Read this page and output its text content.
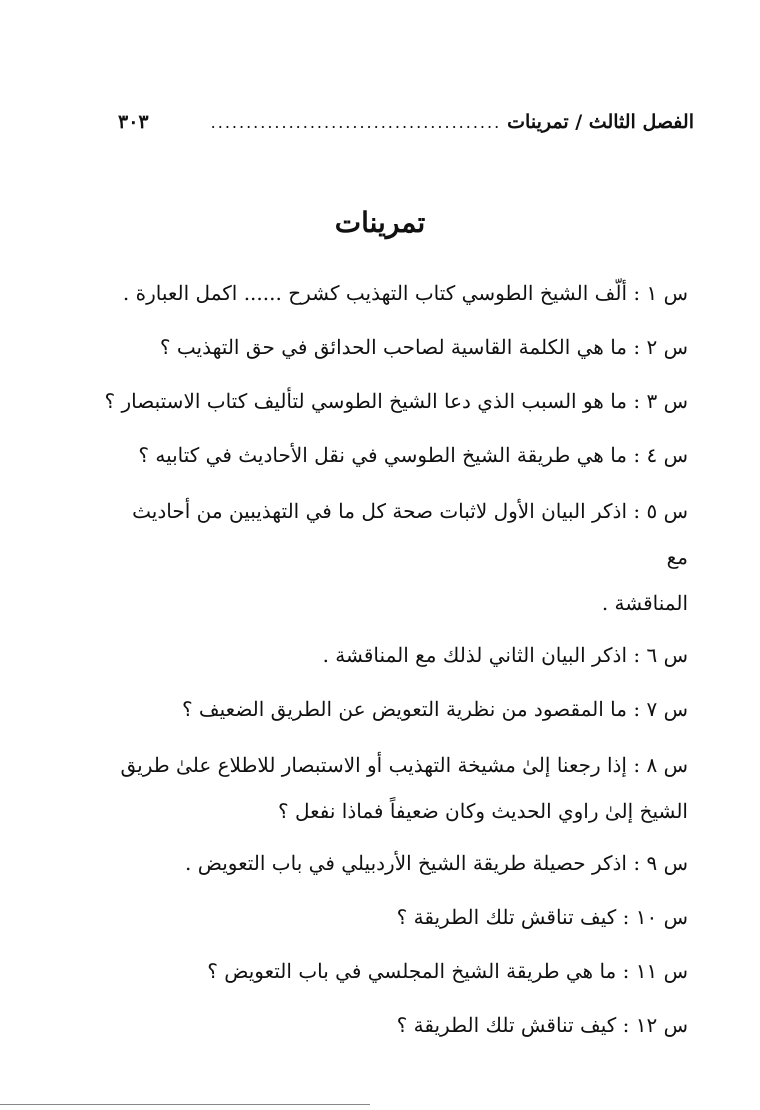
الفصل الثالث / تمرينات
.........................................
٣٠٣
تمرينات
س ١ : ألّف الشيخ الطوسي كتاب التهذيب كشرح ...... اكمل العبارة .
س ٢ : ما هي الكلمة القاسية لصاحب الحدائق في حق التهذيب ؟
س ٣ : ما هو السبب الذي دعا الشيخ الطوسي لتأليف كتاب الاستبصار ؟
س ٤ : ما هي طريقة الشيخ الطوسي في نقل الأحاديث في كتابيه ؟
س ٥ : اذكر البيان الأول لاثبات صحة كل ما في التهذيبين من أحاديث مع
المناقشة .
س ٦ : اذكر البيان الثاني لذلك مع المناقشة .
س ٧ : ما المقصود من نظرية التعويض عن الطريق الضعيف ؟
س ٨ : إذا رجعنا إلىٰ مشيخة التهذيب أو الاستبصار للاطلاع علىٰ طريق
الشيخ إلىٰ راوي الحديث وكان ضعيفاً فماذا نفعل ؟
س ٩ : اذكر حصيلة طريقة الشيخ الأردبيلي في باب التعويض .
س ١٠ : كيف تناقش تلك الطريقة ؟
س ١١ : ما هي طريقة الشيخ المجلسي في باب التعويض ؟
س ١٢ : كيف تناقش تلك الطريقة ؟
